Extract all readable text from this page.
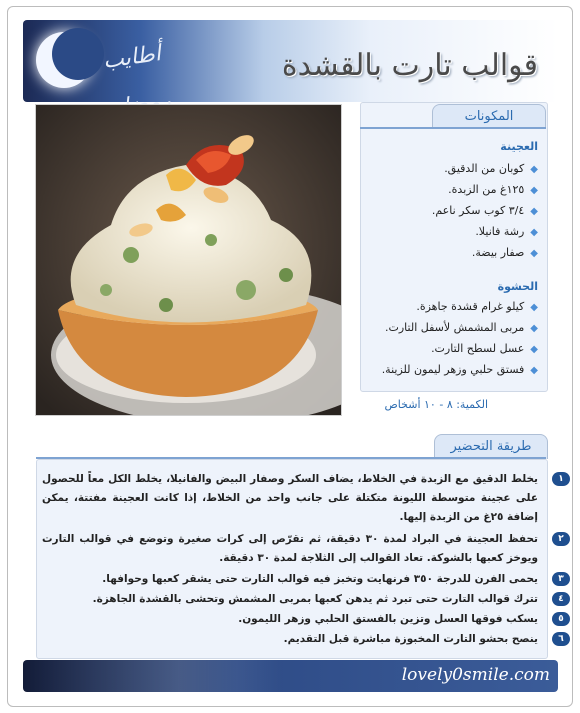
أطايب	قوالب تارت بالقشدة
المكونات
العجينة
◆كوبان من الدقيق.
◆١٢٥غ من الزبدة.
◆٣/٤ كوب سكر ناعم.
◆رشة فانيلا.
◆صفار بيضة.
الحشوة
◆كيلو غرام قشدة جاهزة.
◆مربى المشمش لأسفل التارت.
◆عسل لسطح التارت.
◆فستق حلبي وزهر ليمون للزينة.
الكمية: ٨ - ١٠ أشخاص
طريقة التحضير
١
يخلط الدقيق مع الزبدة في الخلاط، يضاف السكر وصفار البيض والفانيلا، يخلط الكل معاً للحصول على عجينة متوسطة الليونة متكتلة على جانب واحد من الخلاط، إذا كانت العجينة مفتتة، يمكن إضافة ٢٥غ من الزبدة إليها.
٢
تحفظ العجينة في البراد لمدة ٣٠ دقيقة، ثم تقرّص إلى كرات صغيرة وتوضع في قوالب التارت ويوخز كعبها بالشوكة. تعاد القوالب إلى الثلاجة لمدة ٣٠ دقيقة.
٣
يحمى الفرن للدرجة ٣٥٠ فرنهايت وتخبز فيه قوالب التارت حتى يشقر كعبها وحوافها.
٤
تترك قوالب التارت حتى تبرد ثم يدهن كعبها بمربى المشمش وتحشى بالقشدة الجاهزة.
٥
يسكب فوقها العسل وتزين بالفستق الحلبي وزهر الليمون.
٦
ينصح بحشو التارت المخبوزة مباشرة قبل التقديم.
lovely0smile.com
